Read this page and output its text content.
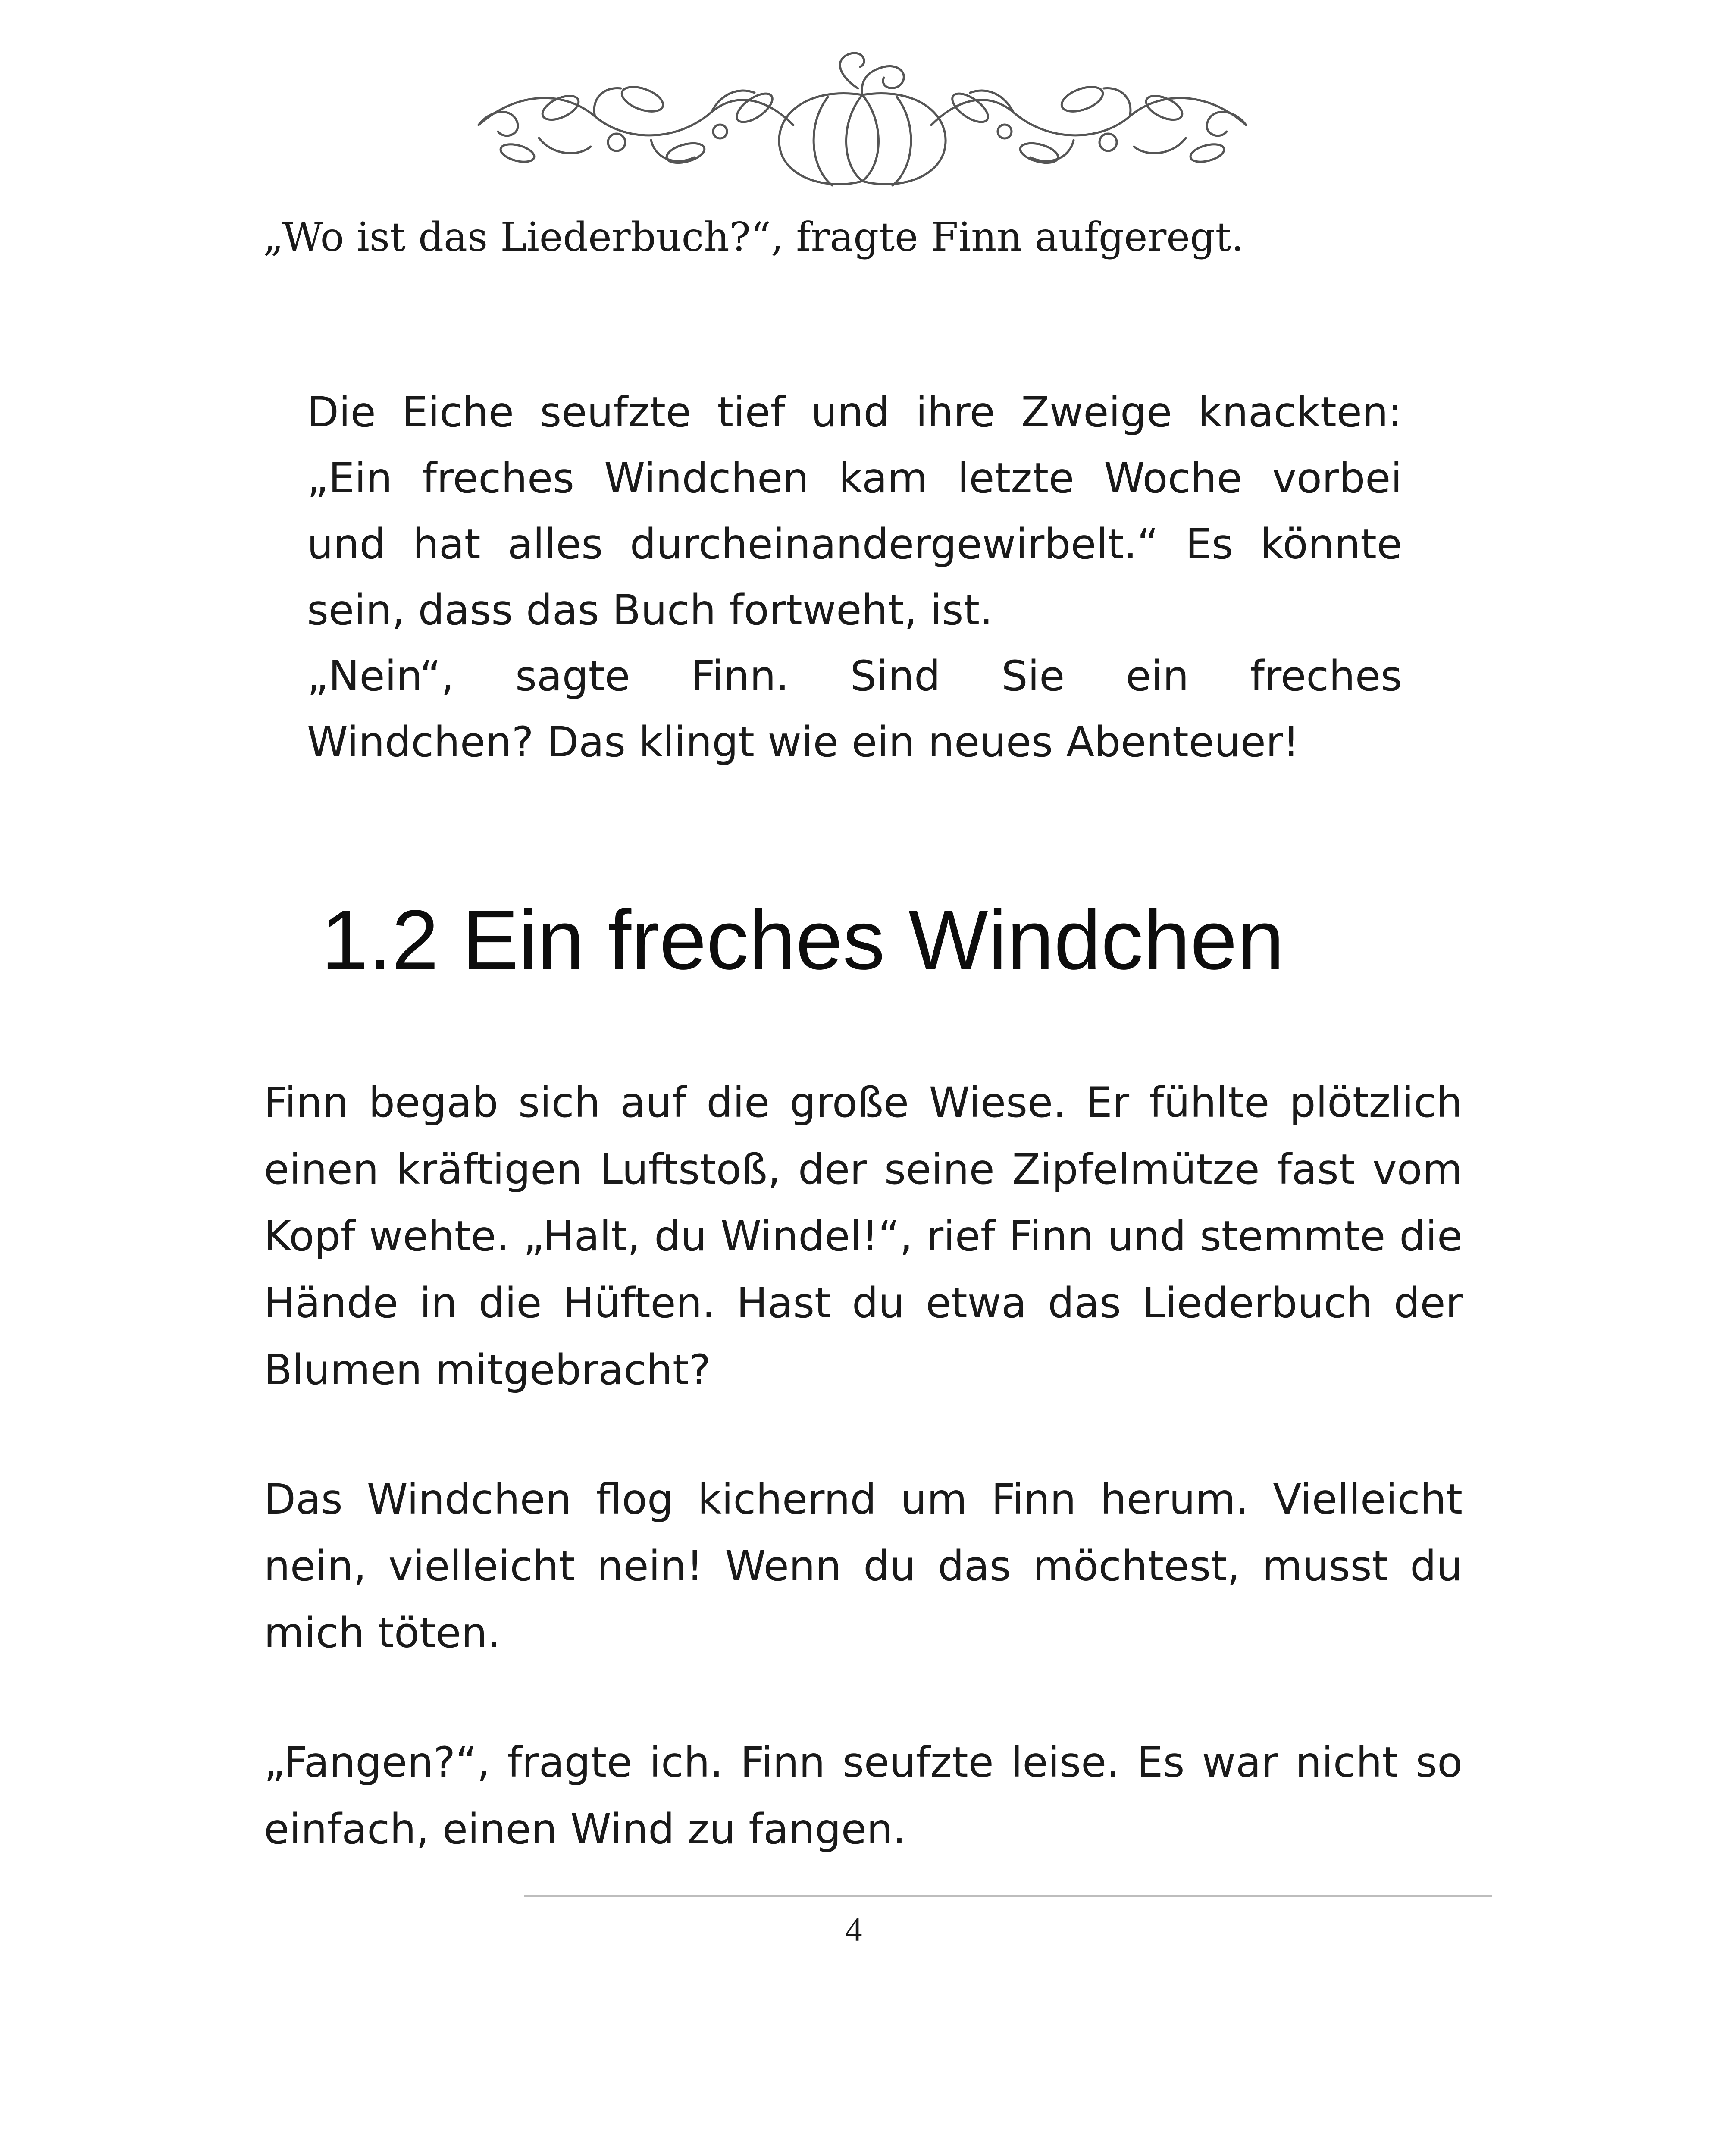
„Wo ist das Liederbuch?“, fragte Finn aufgeregt.

Die Eiche seufzte tief und ihre Zweige knackten:
„Ein freches Windchen kam letzte Woche vorbei
und hat alles durcheinandergewirbelt.“ Es könnte
sein, dass das Buch fortweht, ist.
„Nein“, sagte Finn. Sind Sie ein freches
Windchen? Das klingt wie ein neues Abenteuer!
1.2 Ein freches Windchen

Finn begab sich auf die große Wiese. Er fühlte plötzlich einen kräftigen Luftstoß, der seine Zipfelmütze fast vom Kopf wehte. „Halt, du Windel!“, rief Finn und stemmte die Hände in die Hüften. Hast du etwa das Liederbuch der Blumen mitgebracht?

Das Windchen flog kichernd um Finn herum. Vielleicht nein, vielleicht nein! Wenn du das möchtest, musst du mich töten.

„Fangen?“, fragte ich. Finn seufzte leise. Es war nicht so einfach, einen Wind zu fangen.

4
